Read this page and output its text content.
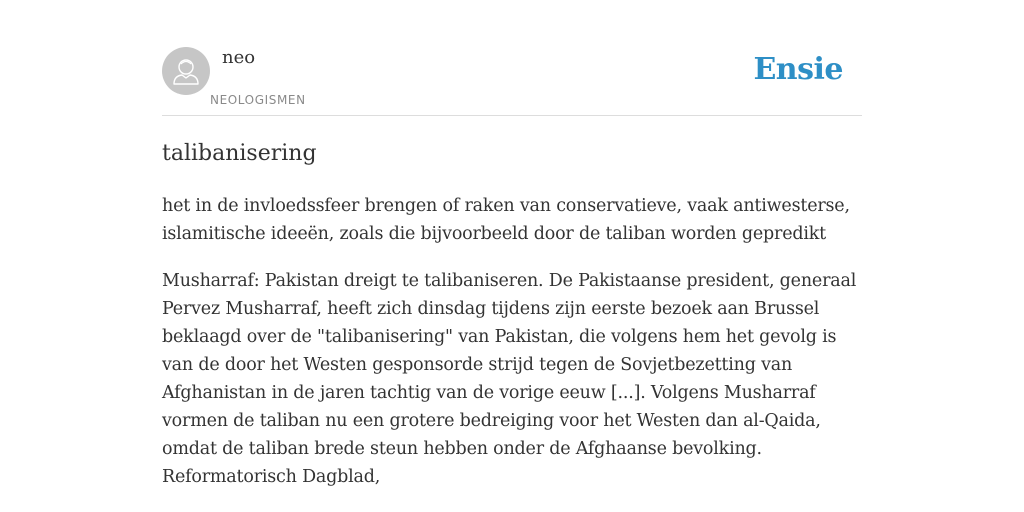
neo
NEOLOGISMEN
Ensie
talibanisering

het in de invloedssfeer brengen of raken van conservatieve, vaak antiwesterse, islamitische ideeën, zoals die bijvoorbeeld door de taliban worden gepredikt

Musharraf: Pakistan dreigt te talibaniseren. De Pakistaanse president, generaal Pervez Musharraf, heeft zich dinsdag tijdens zijn eerste bezoek aan Brussel beklaagd over de "talibanisering" van Pakistan, die volgens hem het gevolg is van de door het Westen gesponsorde strijd tegen de Sovjetbezetting van Afghanistan in de jaren tachtig van de vorige eeuw [...]. Volgens Musharraf vormen de taliban nu een grotere bedreiging voor het Westen dan al-Qaida, omdat de taliban brede steun hebben onder de Afghaanse bevolking.
Reformatorisch Dagblad,
